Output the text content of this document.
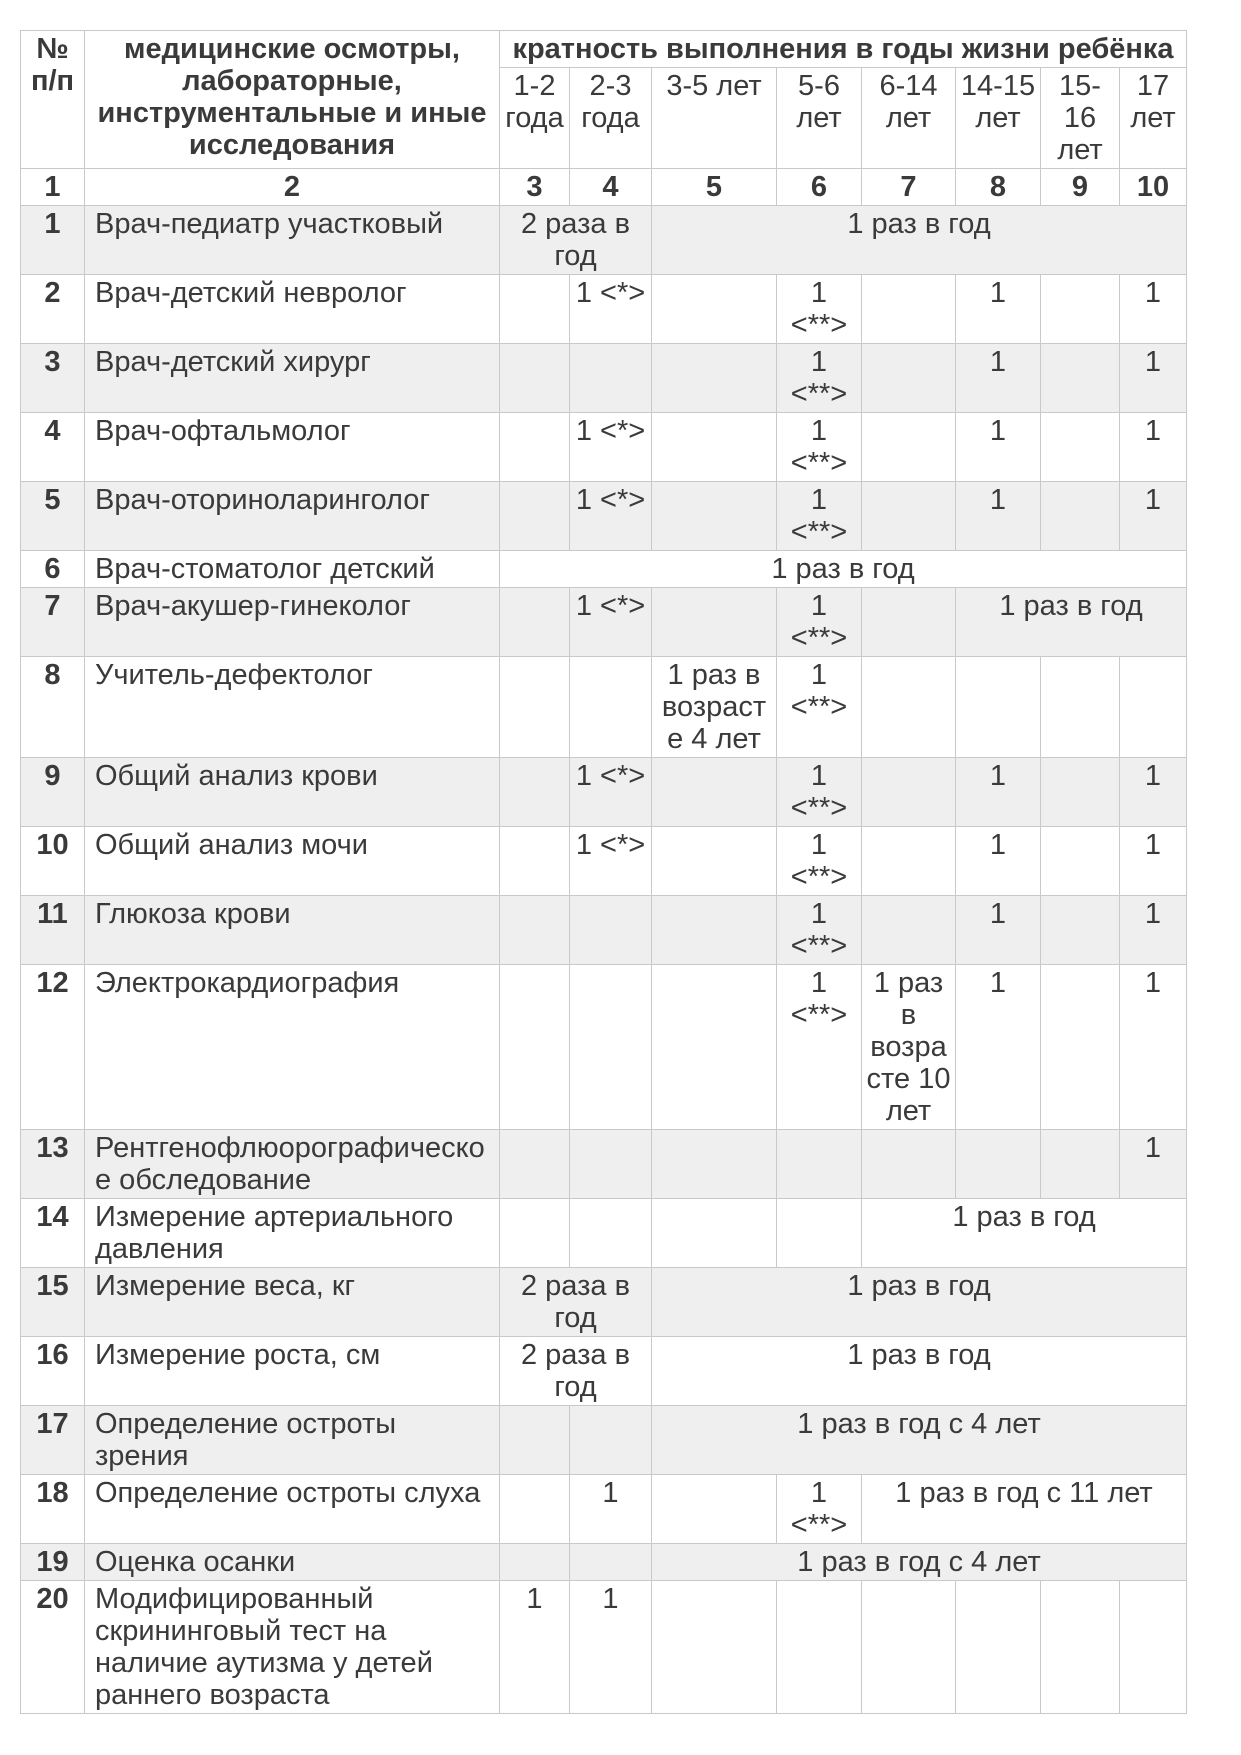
№ п/п	медицинские осмотры, лабораторные, инструментальные и иные исследования	кратность выполнения в годы жизни ребёнка							
		1-2 года	2-3 года	3-5 лет	5-6 лет	6-14 лет	14-15 лет	15-16 лет	17 лет
1	2	3	4	5	6	7	8	9	10
1	Врач-педиатр участковый	2 раза в год		1 раз в год					
2	Врач-детский невролог		1 <*>		1 <**>		1		1
3	Врач-детский хирург				1 <**>		1		1
4	Врач-офтальмолог		1 <*>		1 <**>		1		1
5	Врач-оториноларинголог		1 <*>		1 <**>		1		1
6	Врач-стоматолог детский	1 раз в год							
7	Врач-акушер-гинеколог		1 <*>		1 <**>		1 раз в год		
8	Учитель-дефектолог			1 раз в возрасте 4 лет	1 <**>				
9	Общий анализ крови		1 <*>		1 <**>		1		1
10	Общий анализ мочи		1 <*>		1 <**>		1		1
11	Глюкоза крови				1 <**>		1		1
12	Электрокардиография				1 <**>	1 раз в возрасте 10 лет	1		1
13	Рентгенофлюорографическое обследование								1
14	Измерение артериального давления					1 раз в год			
15	Измерение веса, кг	2 раза в год		1 раз в год					
16	Измерение роста, см	2 раза в год		1 раз в год					
17	Определение остроты зрения			1 раз в год с 4 лет					
18	Определение остроты слуха		1		1 <**>	1 раз в год с 11 лет			
19	Оценка осанки			1 раз в год с 4 лет					
20	Модифицированный скрининговый тест на наличие аутизма у детей раннего возраста	1	1						
